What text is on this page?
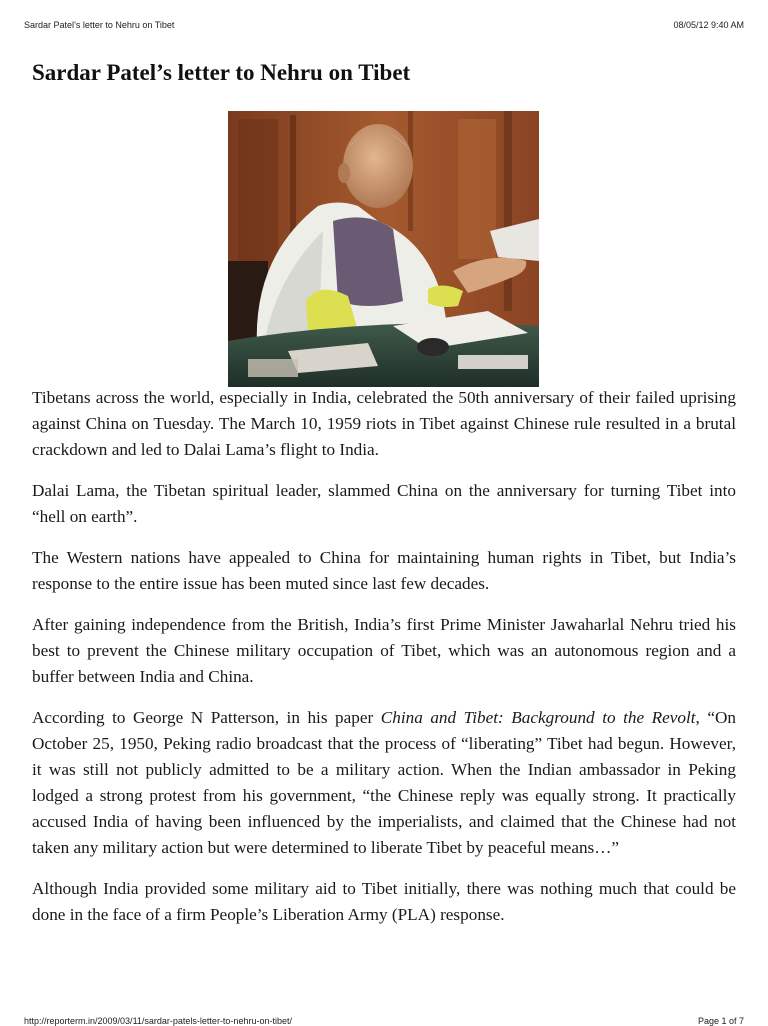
Sardar Patel’s letter to Nehru on Tibet	08/05/12 9:40 AM
Sardar Patel’s letter to Nehru on Tibet

Tibetans across the world, especially in India, celebrated the 50th anniversary of their failed uprising against China on Tuesday. The March 10, 1959 riots in Tibet against Chinese rule resulted in a brutal crackdown and led to Dalai Lama’s flight to India.

Dalai Lama, the Tibetan spiritual leader, slammed China on the anniversary for turning Tibet into “hell on earth”.

The Western nations have appealed to China for maintaining human rights in Tibet, but India’s response to the entire issue has been muted since last few decades.

After gaining independence from the British, India’s first Prime Minister Jawaharlal Nehru tried his best to prevent the Chinese military occupation of Tibet, which was an autonomous region and a buffer between India and China.

According to George N Patterson, in his paper China and Tibet: Background to the Revolt, “On October 25, 1950, Peking radio broadcast that the process of “liberating” Tibet had begun. However, it was still not publicly admitted to be a military action. When the Indian ambassador in Peking lodged a strong protest from his government, “the Chinese reply was equally strong. It practically accused India of having been influenced by the imperialists, and claimed that the Chinese had not taken any military action but were determined to liberate Tibet by peaceful means…”

Although India provided some military aid to Tibet initially, there was nothing much that could be done in the face of a firm People’s Liberation Army (PLA) response.

http://reporterm.in/2009/03/11/sardar-patels-letter-to-nehru-on-tibet/	Page 1 of 7
